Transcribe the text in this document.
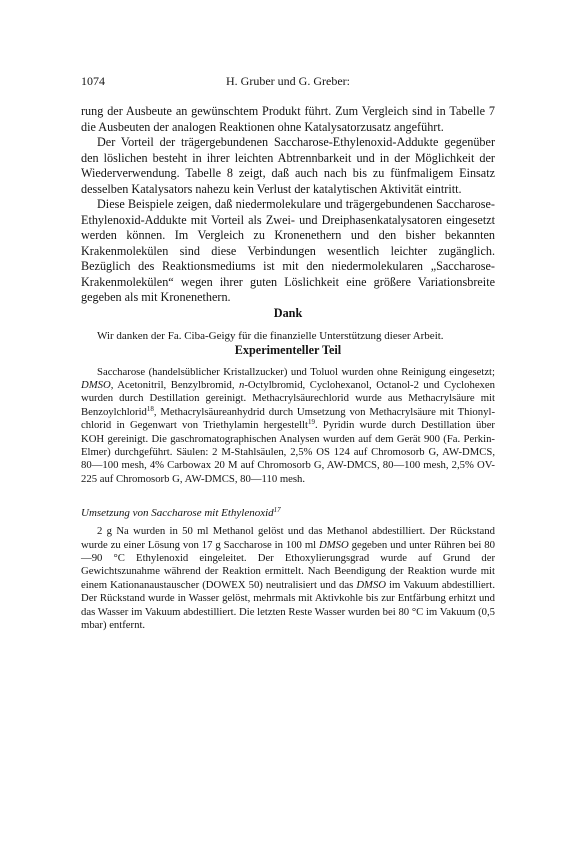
1074	H. Gruber und G. Greber:

rung der Ausbeute an gewünschtem Produkt führt. Zum Vergleich sind in Tabelle 7 die Ausbeuten der analogen Reaktionen ohne Katalysatorzusatz angeführt.

Der Vorteil der trägergebundenen Saccharose-Ethylenoxid-Addukte gegenüber den löslichen besteht in ihrer leichten Abtrennbarkeit und in der Möglichkeit der Wiederverwendung. Tabelle 8 zeigt, daß auch nach bis zu fünfmaligem Einsatz desselben Katalysators nahezu kein Verlust der katalytischen Aktivität eintritt.

Diese Beispiele zeigen, daß niedermolekulare und trägergebundenen Saccharose-Ethylenoxid-Addukte mit Vorteil als Zwei- und Dreiphasenkatalysatoren eingesetzt werden können. Im Vergleich zu Kronenethern und den bisher bekannten Krakenmolekülen sind diese Verbindungen wesentlich leichter zugänglich. Bezüglich des Reaktionsmediums ist mit den niedermolekularen „Saccharose-Krakenmolekülen“ wegen ihrer guten Löslichkeit eine größere Variationsbreite gegeben als mit Kronenethern.

Dank
Wir danken der Fa. Ciba-Geigy für die finanzielle Unterstützung dieser Arbeit.
Experimenteller Teil
Saccharose (handelsüblicher Kristallzucker) und Toluol wurden ohne Reinigung eingesetzt; DMSO, Acetonitril, Benzylbromid, n-Octylbromid, Cyclohexanol, Octanol-2 und Cyclohexen wurden durch Destillation gereinigt. Methacrylsäurechlorid wurde aus Methacrylsäure mit Benzoylchlorid$^{18}$, Methacrylsäureanhydrid durch Umsetzung von Methacrylsäure mit Thionylchlorid in Gegenwart von Triethylamin hergestellt$^{19}$. Pyridin wurde durch Destillation über KOH gereinigt. Die gaschromatographischen Analysen wurden auf dem Gerät 900 (Fa. Perkin-Elmer) durchgeführt. Säulen: 2 M-Stahlsäulen, 2,5% OS 124 auf Chromosorb G, AW-DMCS, 80—100 mesh, 4% Carbowax 20 M auf Chromosorb G, AW-DMCS, 80—100 mesh, 2,5% OV-225 auf Chromosorb G, AW-DMCS, 80—110 mesh.
Umsetzung von Saccharose mit Ethylenoxid$^{17}$
2 g Na wurden in 50 ml Methanol gelöst und das Methanol abdestilliert. Der Rückstand wurde zu einer Lösung von 17 g Saccharose in 100 ml DMSO gegeben und unter Rühren bei 80—90 °C Ethylenoxid eingeleitet. Der Ethoxylierungsgrad wurde auf Grund der Gewichtszunahme während der Reaktion ermittelt. Nach Beendigung der Reaktion wurde mit einem Kationanaustauscher (DOWEX 50) neutralisiert und das DMSO im Vakuum abdestilliert. Der Rückstand wurde in Wasser gelöst, mehrmals mit Aktivkohle bis zur Entfärbung erhitzt und das Wasser im Vakuum abdestilliert. Die letzten Reste Wasser wurden bei 80 °C im Vakuum (0,5 mbar) entfernt.
